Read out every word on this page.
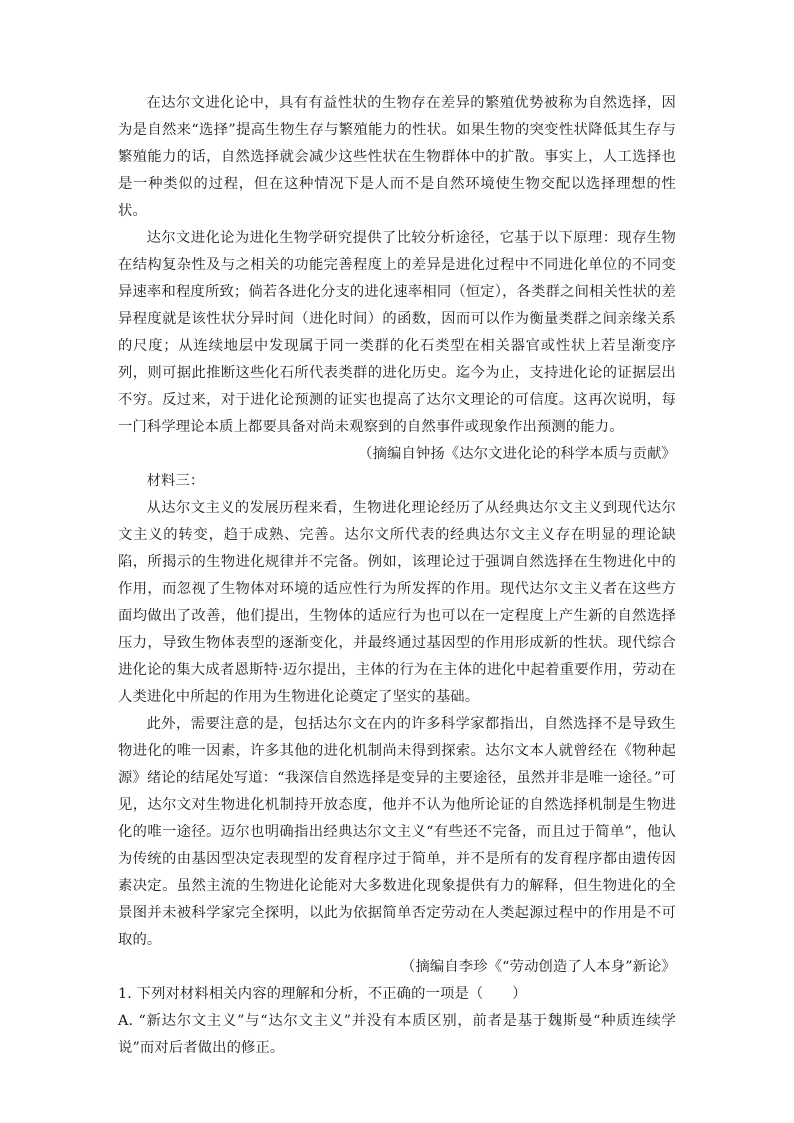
在达尔文进化论中，具有有益性状的生物存在差异的繁殖优势被称为自然选择，因为是自然来“选择”提高生物生存与繁殖能力的性状。如果生物的突变性状降低其生存与繁殖能力的话，自然选择就会减少这些性状在生物群体中的扩散。事实上，人工选择也是一种类似的过程，但在这种情况下是人而不是自然环境使生物交配以选择理想的性状。

达尔文进化论为进化生物学研究提供了比较分析途径，它基于以下原理：现存生物在结构复杂性及与之相关的功能完善程度上的差异是进化过程中不同进化单位的不同变异速率和程度所致；倘若各进化分支的进化速率相同（恒定），各类群之间相关性状的差异程度就是该性状分异时间（进化时间）的函数，因而可以作为衡量类群之间亲缘关系的尺度；从连续地层中发现属于同一类群的化石类型在相关器官或性状上若呈渐变序列，则可据此推断这些化石所代表类群的进化历史。迄今为止，支持进化论的证据层出不穷。反过来，对于进化论预测的证实也提高了达尔文理论的可信度。这再次说明，每一门科学理论本质上都要具备对尚未观察到的自然事件或现象作出预测的能力。

（摘编自钟扬《达尔文进化论的科学本质与贡献》

材料三：

从达尔文主义的发展历程来看，生物进化理论经历了从经典达尔文主义到现代达尔文主义的转变，趋于成熟、完善。达尔文所代表的经典达尔文主义存在明显的理论缺陷，所揭示的生物进化规律并不完备。例如，该理论过于强调自然选择在生物进化中的作用，而忽视了生物体对环境的适应性行为所发挥的作用。现代达尔文主义者在这些方面均做出了改善，他们提出，生物体的适应行为也可以在一定程度上产生新的自然选择压力，导致生物体表型的逐渐变化，并最终通过基因型的作用形成新的性状。现代综合进化论的集大成者恩斯特·迈尔提出，主体的行为在主体的进化中起着重要作用，劳动在人类进化中所起的作用为生物进化论奠定了坚实的基础。

此外，需要注意的是，包括达尔文在内的许多科学家都指出，自然选择不是导致生物进化的唯一因素，许多其他的进化机制尚未得到探索。达尔文本人就曾经在《物种起源》绪论的结尾处写道：“我深信自然选择是变异的主要途径，虽然并非是唯一途径。”可见，达尔文对生物进化机制持开放态度，他并不认为他所论证的自然选择机制是生物进化的唯一途径。迈尔也明确指出经典达尔文主义“有些还不完备，而且过于简单”，他认为传统的由基因型决定表现型的发育程序过于简单，并不是所有的发育程序都由遗传因素决定。虽然主流的生物进化论能对大多数进化现象提供有力的解释，但生物进化的全景图并未被科学家完全探明，以此为依据简单否定劳动在人类起源过程中的作用是不可取的。

（摘编自李珍《“劳动创造了人本身”新论》

1. 下列对材料相关内容的理解和分析，不正确的一项是（　　）

A. “新达尔文主义”与“达尔文主义”并没有本质区别，前者是基于魏斯曼“种质连续学说”而对后者做出的修正。
